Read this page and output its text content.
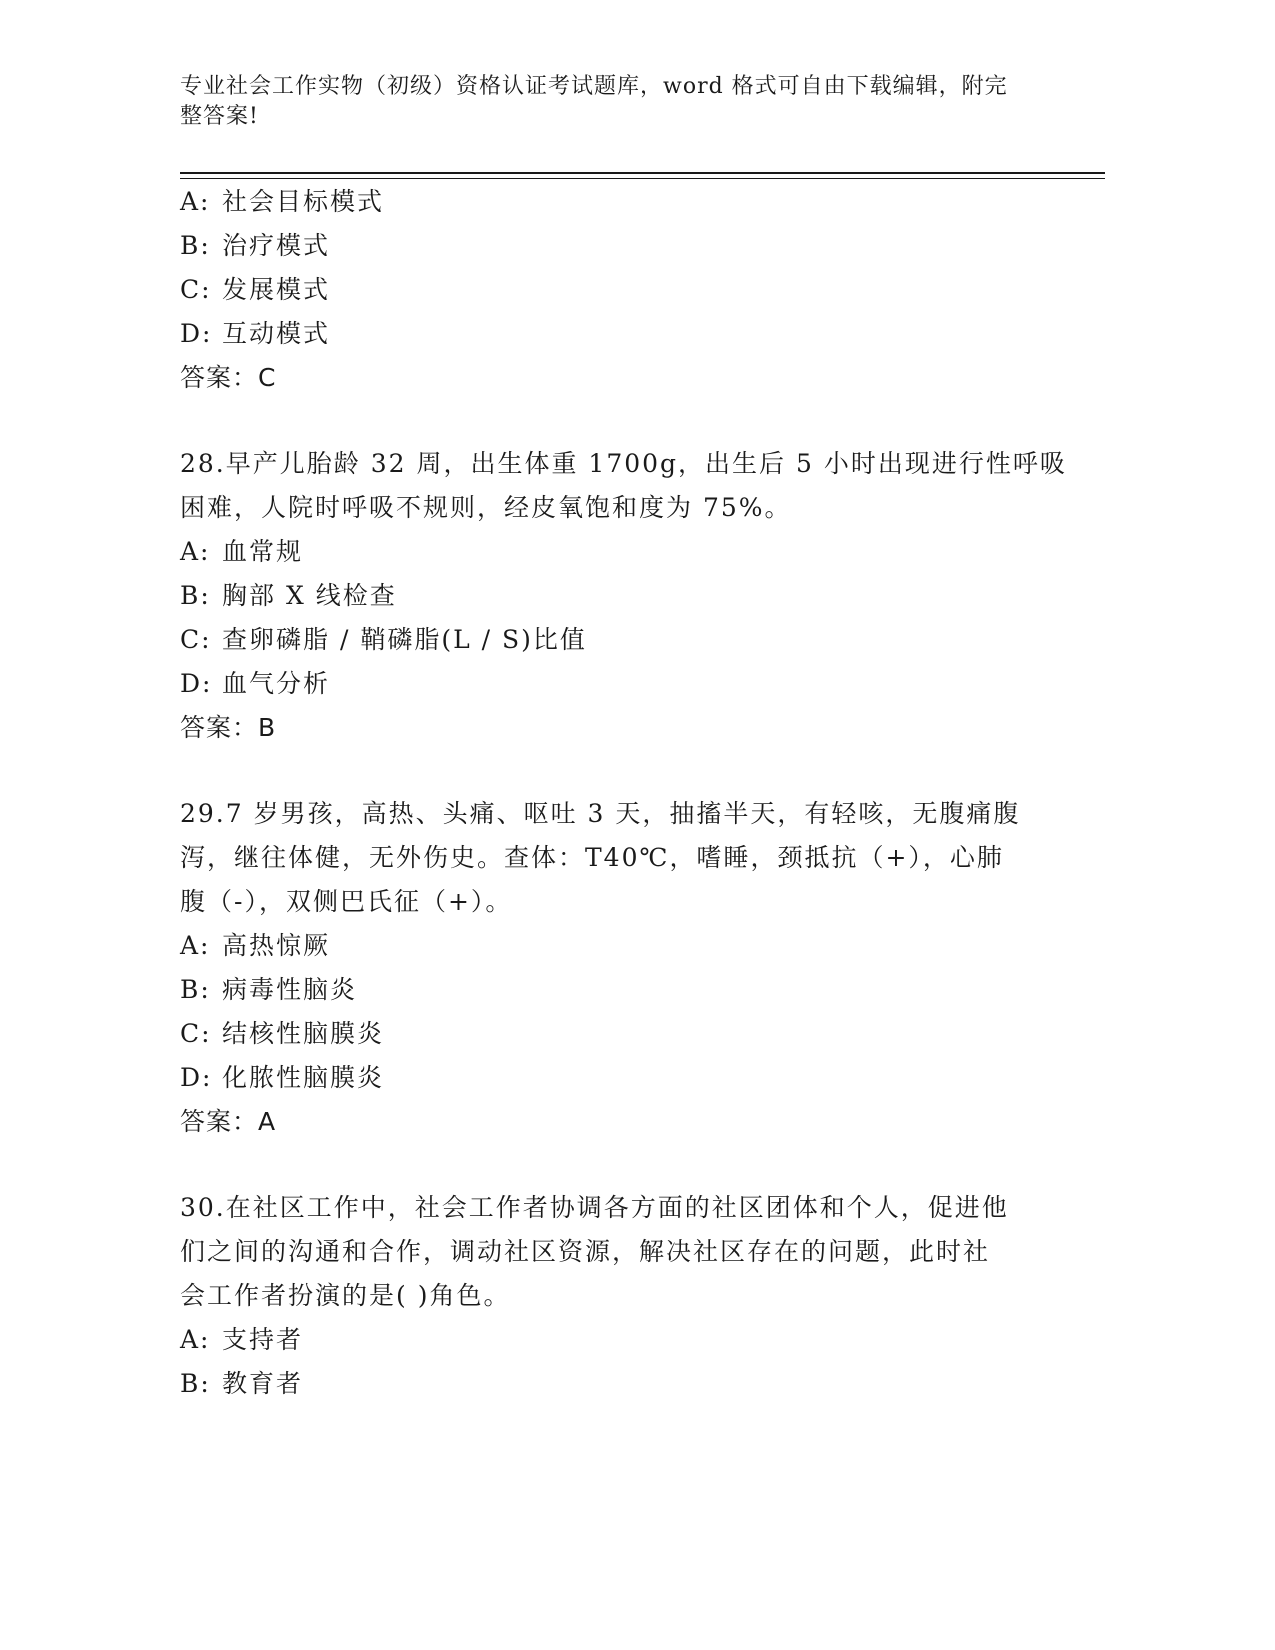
专业社会工作实物（初级）资格认证考试题库，word 格式可自由下载编辑，附完
整答案!
A: 社会目标模式
B: 治疗模式
C: 发展模式
D: 互动模式
答案：C
28.早产儿胎龄 32 周，出生体重 1700g，出生后 5 小时出现进行性呼吸
困难，人院时呼吸不规则，经皮氧饱和度为 75%。
A: 血常规
B: 胸部 X 线检查
C: 查卵磷脂 / 鞘磷脂(L / S)比值
D: 血气分析
答案：B
29.7 岁男孩，高热、头痛、呕吐 3 天，抽搐半天，有轻咳，无腹痛腹
泻，继往体健，无外伤史。查体：T40℃，嗜睡，颈抵抗（+），心肺
腹（-），双侧巴氏征（+）。
A: 高热惊厥
B: 病毒性脑炎
C: 结核性脑膜炎
D: 化脓性脑膜炎
答案：A
30.在社区工作中，社会工作者协调各方面的社区团体和个人，促进他
们之间的沟通和合作，调动社区资源，解决社区存在的问题，此时社
会工作者扮演的是( )角色。
A: 支持者
B: 教育者
